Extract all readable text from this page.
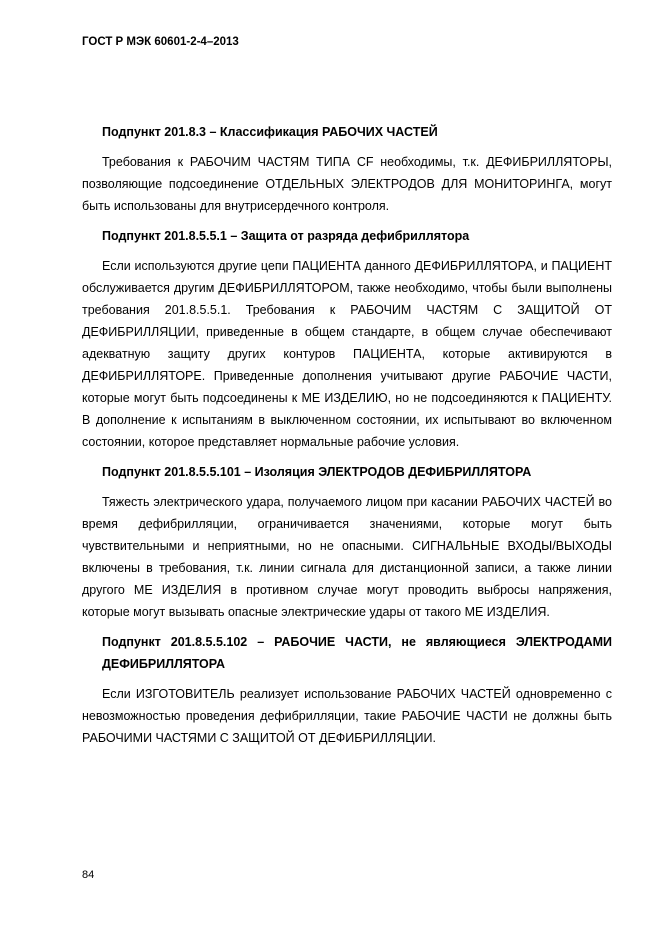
ГОСТ Р МЭК 60601-2-4–2013
Подпункт 201.8.3 – Классификация РАБОЧИХ ЧАСТЕЙ
Требования к РАБОЧИМ ЧАСТЯМ ТИПА CF необходимы, т.к. ДЕФИБРИЛЛЯТОРЫ, позволяющие подсоединение ОТДЕЛЬНЫХ ЭЛЕКТРОДОВ ДЛЯ МОНИТОРИНГА, могут быть использованы для внутрисердечного контроля.
Подпункт 201.8.5.5.1 – Защита от разряда дефибриллятора
Если используются другие цепи ПАЦИЕНТА данного ДЕФИБРИЛЛЯТОРА, и ПАЦИЕНТ обслуживается другим ДЕФИБРИЛЛЯТОРОМ, также необходимо, чтобы были выполнены требования 201.8.5.5.1. Требования к РАБОЧИМ ЧАСТЯМ С ЗАЩИТОЙ ОТ ДЕФИБРИЛЛЯЦИИ, приведенные в общем стандарте, в общем случае обеспечивают адекватную защиту других контуров ПАЦИЕНТА, которые активируются в ДЕФИБРИЛЛЯТОРЕ. Приведенные дополнения учитывают другие РАБОЧИЕ ЧАСТИ, которые могут быть подсоединены к МЕ ИЗДЕЛИЮ, но не подсоединяются к ПАЦИЕНТУ. В дополнение к испытаниям в выключенном состоянии, их испытывают во включенном состоянии, которое представляет нормальные рабочие условия.
Подпункт 201.8.5.5.101 – Изоляция ЭЛЕКТРОДОВ ДЕФИБРИЛЛЯТОРА
Тяжесть электрического удара, получаемого лицом при касании РАБОЧИХ ЧАСТЕЙ во время дефибрилляции, ограничивается значениями, которые могут быть чувствительными и неприятными, но не опасными. СИГНАЛЬНЫЕ ВХОДЫ/ВЫХОДЫ включены в требования, т.к. линии сигнала для дистанционной записи, а также линии другого МЕ ИЗДЕЛИЯ в противном случае могут проводить выбросы напряжения, которые могут вызывать опасные электрические удары от такого МЕ ИЗДЕЛИЯ.
Подпункт 201.8.5.5.102 – РАБОЧИЕ ЧАСТИ, не являющиеся ЭЛЕКТРОДАМИ ДЕФИБРИЛЛЯТОРА
Если ИЗГОТОВИТЕЛЬ реализует использование РАБОЧИХ ЧАСТЕЙ одновременно с невозможностью проведения дефибрилляции, такие РАБОЧИЕ ЧАСТИ не должны быть РАБОЧИМИ ЧАСТЯМИ С ЗАЩИТОЙ ОТ ДЕФИБРИЛЛЯЦИИ.
84
